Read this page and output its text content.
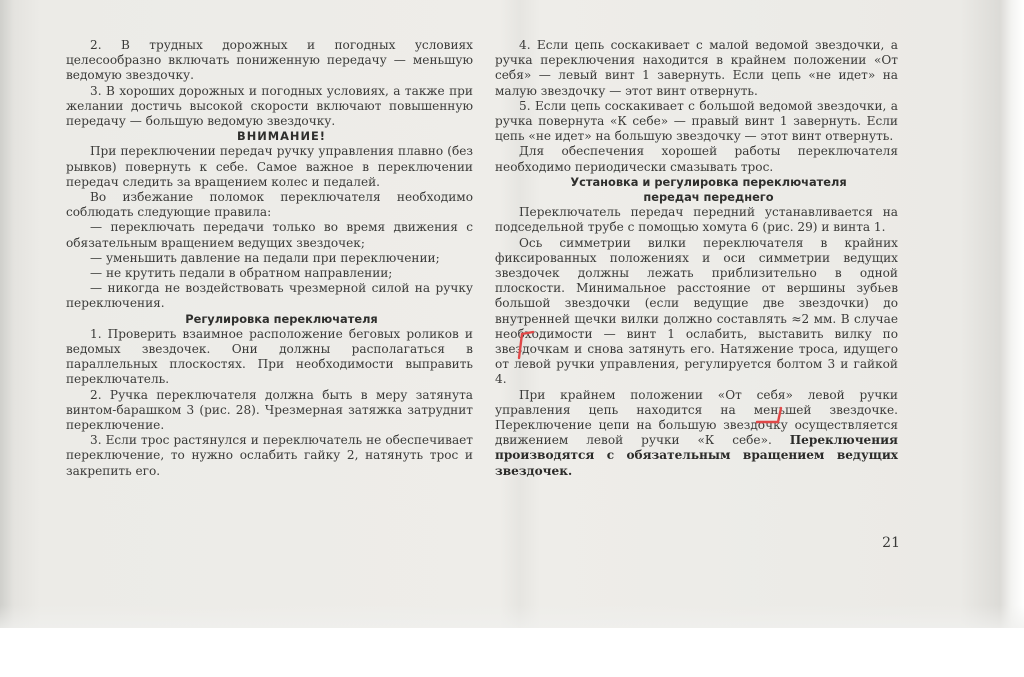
2. В трудных дорожных и погодных условиях целесообразно включать пониженную передачу — меньшую ведомую звездочку.

3. В хороших дорожных и погодных условиях, а также при желании достичь высокой скорости включают повышенную передачу — большую ведомую звездочку.

ВНИМАНИЕ!

При переключении передач ручку управления плавно (без рывков) повернуть к себе. Самое важное в переключении передач следить за вращением колес и педалей.

Во избежание поломок переключателя необходимо соблюдать следующие правила:

— переключать передачи только во время движения с обязательным вращением ведущих звездочек;

— уменьшить давление на педали при переключении;

— не крутить педали в обратном направлении;

— никогда не воздействовать чрезмерной силой на ручку переключения.

Регулировка переключателя

1. Проверить взаимное расположение беговых роликов и ведомых звездочек. Они должны располагаться в параллельных плоскостях. При необходимости выправить переключатель.

2. Ручка переключателя должна быть в меру затянута винтом-барашком 3 (рис. 28). Чрезмерная затяжка затруднит переключение.

3. Если трос растянулся и переключатель не обеспечивает переключение, то нужно ослабить гайку 2, натянуть трос и закрепить его.

4. Если цепь соскакивает с малой ведомой звездочки, а ручка переключения находится в крайнем положении «От себя» — левый винт 1 завернуть. Если цепь «не идет» на малую звездочку — этот винт отвернуть.

5. Если цепь соскакивает с большой ведомой звездочки, а ручка повернута «К себе» — правый винт 1 завернуть. Если цепь «не идет» на большую звездочку — этот винт отвернуть.

Для обеспечения хорошей работы переключателя необходимо периодически смазывать трос.

Установка и регулировка переключателя

передач переднего

Переключатель передач передний устанавливается на подседельной трубе с помощью хомута 6 (рис. 29) и винта 1.

Ось симметрии вилки переключателя в крайних фиксированных положениях и оси симметрии ведущих звездочек должны лежать приблизительно в одной плоскости. Минимальное расстояние от вершины зубьев большой звездочки (если ведущие две звездочки) до внутренней щечки вилки должно составлять ≈2 мм. В случае необходимости — винт 1 ослабить, выставить вилку по звездочкам и снова затянуть его. Натяжение троса, идущего от левой ручки управления, регулируется болтом 3 и гайкой 4.

При крайнем положении «От себя» левой ручки управления цепь находится на меньшей звездочке. Переключение цепи на большую звездочку осуществляется движением левой ручки «К себе». Переключения производятся с обязательным вращением ведущих звездочек.

21
